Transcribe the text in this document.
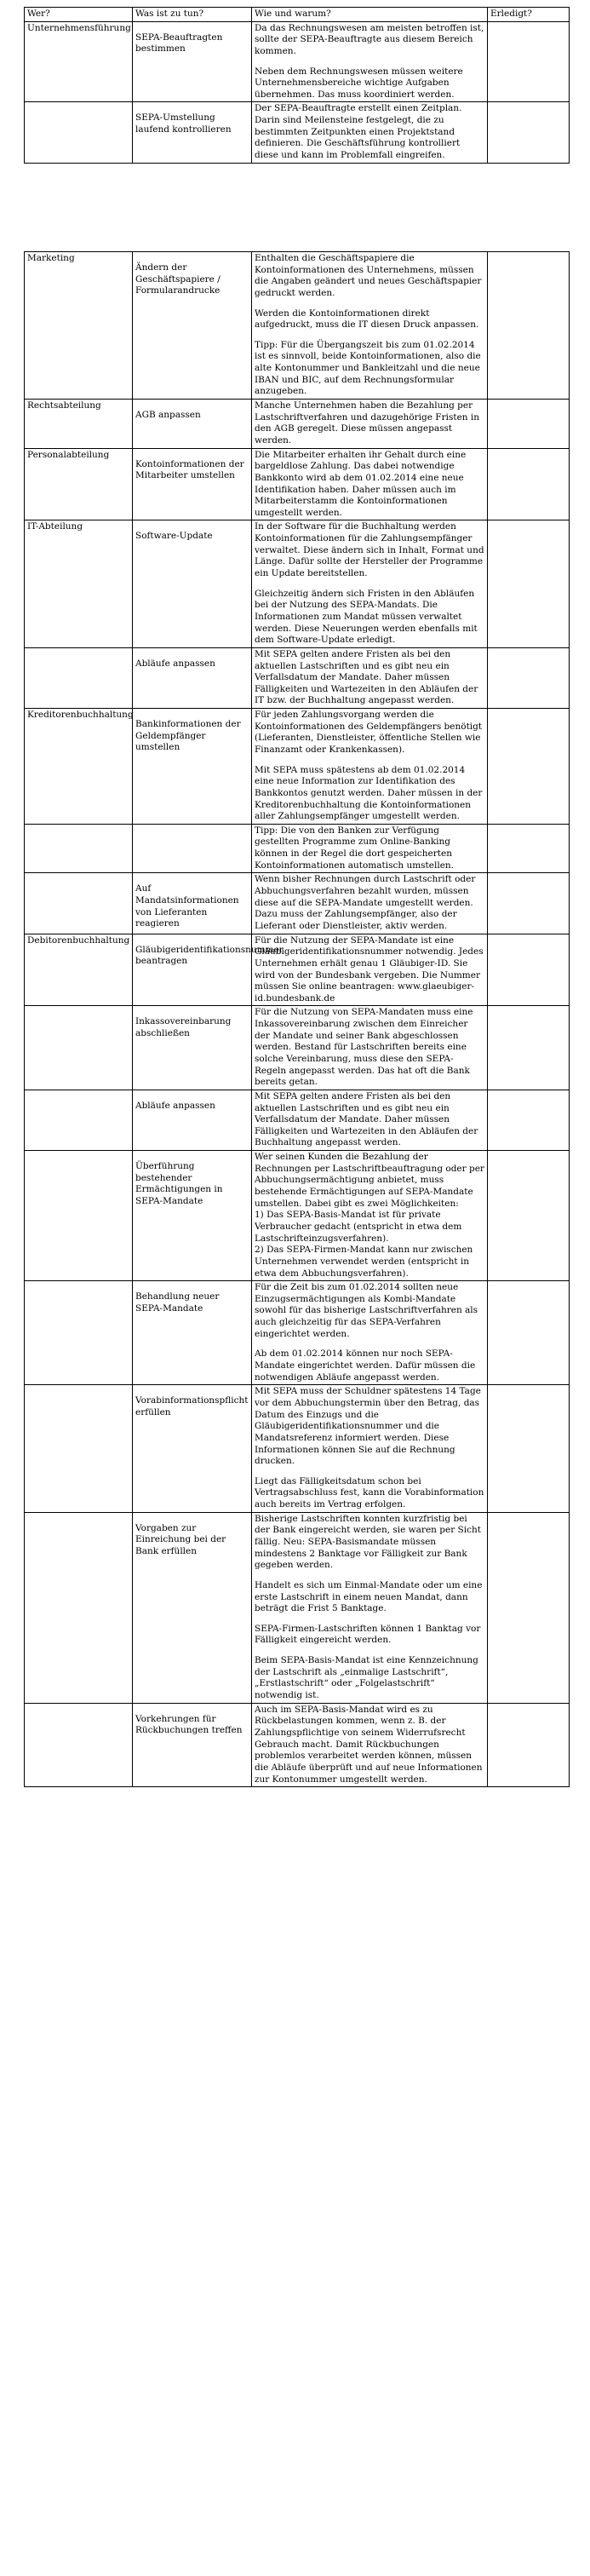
Wer?	Was ist zu tun?	Wie und warum?	Erledigt?
Unternehmensführung	SEPA-Beauftragten bestimmen	Da das Rechnungswesen am meisten betroffen ist, sollte der SEPA-Beauftragte aus diesem Bereich kommen.

Neben dem Rechnungswesen müssen weitere Unternehmensbereiche wichtige Aufgaben übernehmen. Das muss koordiniert werden.	

	SEPA-Umstellung laufend kontrollieren	Der SEPA-Beauftragte erstellt einen Zeitplan. Darin sind Meilensteine festgelegt, die zu bestimmten Zeitpunkten einen Projektstand definieren. Die Geschäftsführung kontrolliert diese und kann im Problemfall eingreifen.	

Marketing	Ändern der Geschäftspapiere / Formularandrucke	Enthalten die Geschäftspapiere die Kontoinformationen des Unternehmens, müssen die Angaben geändert und neues Geschäftspapier gedruckt werden.

Werden die Kontoinformationen direkt aufgedruckt, muss die IT diesen Druck anpassen.

Tipp: Für die Übergangszeit bis zum 01.02.2014 ist es sinnvoll, beide Kontoinformationen, also die alte Kontonummer und Bankleitzahl und die neue IBAN und BIC, auf dem Rechnungsformular anzugeben.	

Rechtsabteilung	AGB anpassen	Manche Unternehmen haben die Bezahlung per Lastschriftverfahren und dazugehörige Fristen in den AGB geregelt. Diese müssen angepasst werden.	

Personalabteilung	Kontoinformationen der Mitarbeiter umstellen	Die Mitarbeiter erhalten ihr Gehalt durch eine bargeldlose Zahlung. Das dabei notwendige Bankkonto wird ab dem 01.02.2014 eine neue Identifikation haben. Daher müssen auch im Mitarbeiterstamm die Kontoinformationen umgestellt werden.	

IT-Abteilung	Software-Update	In der Software für die Buchhaltung werden Kontoinformationen für die Zahlungsempfänger verwaltet. Diese ändern sich in Inhalt, Format und Länge. Dafür sollte der Hersteller der Programme ein Update bereitstellen.

Gleichzeitig ändern sich Fristen in den Abläufen bei der Nutzung des SEPA-Mandats. Die Informationen zum Mandat müssen verwaltet werden. Diese Neuerungen werden ebenfalls mit dem Software-Update erledigt.	

	Abläufe anpassen	Mit SEPA gelten andere Fristen als bei den aktuellen Lastschriften und es gibt neu ein Verfallsdatum der Mandate. Daher müssen Fälligkeiten und Wartezeiten in den Abläufen der IT bzw. der Buchhaltung angepasst werden.	

Kreditorenbuchhaltung	Bankinformationen der Geldempfänger umstellen	Für jeden Zahlungsvorgang werden die Kontoinformationen des Geldempfängers benötigt (Lieferanten, Dienstleister, öffentliche Stellen wie Finanzamt oder Krankenkassen).

Mit SEPA muss spätestens ab dem 01.02.2014 eine neue Information zur Identifikation des Bankkontos genutzt werden. Daher müssen in der Kreditorenbuchhaltung die Kontoinformationen aller Zahlungsempfänger umgestellt werden.	

		Tipp: Die von den Banken zur Verfügung gestellten Programme zum Online-Banking können in der Regel die dort gespeicherten Kontoinformationen automatisch umstellen.	

	Auf Mandatsinformationen von Lieferanten reagieren	Wenn bisher Rechnungen durch Lastschrift oder Abbuchungsverfahren bezahlt wurden, müssen diese auf die SEPA-Mandate umgestellt werden. Dazu muss der Zahlungsempfänger, also der Lieferant oder Dienstleister, aktiv werden.	

Debitorenbuchhaltung	Gläubigeridentifikationsnummer beantragen	Für die Nutzung der SEPA-Mandate ist eine Gläubigeridentifikationsnummer notwendig. Jedes Unternehmen erhält genau 1 Gläubiger-ID. Sie wird von der Bundesbank vergeben. Die Nummer müssen Sie online beantragen: www.glaeubiger-id.bundesbank.de	

	Inkassovereinbarung abschließen	Für die Nutzung von SEPA-Mandaten muss eine Inkassovereinbarung zwischen dem Einreicher der Mandate und seiner Bank abgeschlossen werden. Bestand für Lastschriften bereits eine solche Vereinbarung, muss diese den SEPA-Regeln angepasst werden. Das hat oft die Bank bereits getan.	

	Abläufe anpassen	Mit SEPA gelten andere Fristen als bei den aktuellen Lastschriften und es gibt neu ein Verfallsdatum der Mandate. Daher müssen Fälligkeiten und Wartezeiten in den Abläufen der Buchhaltung angepasst werden.	

	Überführung bestehender Ermächtigungen in SEPA-Mandate	Wer seinen Kunden die Bezahlung der Rechnungen per Lastschriftbeauftragung oder per Abbuchungsermächtigung anbietet, muss bestehende Ermächtigungen auf SEPA-Mandate umstellen. Dabei gibt es zwei Möglichkeiten:
1) Das SEPA-Basis-Mandat ist für private Verbraucher gedacht (entspricht in etwa dem Lastschrifteinzugsverfahren).
2) Das SEPA-Firmen-Mandat kann nur zwischen Unternehmen verwendet werden (entspricht in etwa dem Abbuchungsverfahren).	

	Behandlung neuer SEPA-Mandate	Für die Zeit bis zum 01.02.2014 sollten neue Einzugsermächtigungen als Kombi-Mandate sowohl für das bisherige Lastschriftverfahren als auch gleichzeitig für das SEPA-Verfahren eingerichtet werden.

Ab dem 01.02.2014 können nur noch SEPA-Mandate eingerichtet werden. Dafür müssen die notwendigen Abläufe angepasst werden.	

	Vorabinformationspflicht erfüllen	Mit SEPA muss der Schuldner spätestens 14 Tage vor dem Abbuchungstermin über den Betrag, das Datum des Einzugs und die Gläubigeridentifikationsnummer und die Mandatsreferenz informiert werden. Diese Informationen können Sie auf die Rechnung drucken.

Liegt das Fälligkeitsdatum schon bei Vertragsabschluss fest, kann die Vorabinformation auch bereits im Vertrag erfolgen.	

	Vorgaben zur Einreichung bei der Bank erfüllen	Bisherige Lastschriften konnten kurzfristig bei der Bank eingereicht werden, sie waren per Sicht fällig. Neu: SEPA-Basismandate müssen mindestens 2 Banktage vor Fälligkeit zur Bank gegeben werden.

Handelt es sich um Einmal-Mandate oder um eine erste Lastschrift in einem neuen Mandat, dann beträgt die Frist 5 Banktage.

SEPA-Firmen-Lastschriften können 1 Banktag vor Fälligkeit eingereicht werden.

Beim SEPA-Basis-Mandat ist eine Kennzeichnung der Lastschrift als „einmalige Lastschrift“, „Erstlastschrift“ oder „Folgelastschrift“ notwendig ist.	

	Vorkehrungen für Rückbuchungen treffen	Auch im SEPA-Basis-Mandat wird es zu Rückbelastungen kommen, wenn z. B. der Zahlungspflichtige von seinem Widerrufsrecht Gebrauch macht. Damit Rückbuchungen problemlos verarbeitet werden können, müssen die Abläufe überprüft und auf neue Informationen zur Kontonummer umgestellt werden.	
